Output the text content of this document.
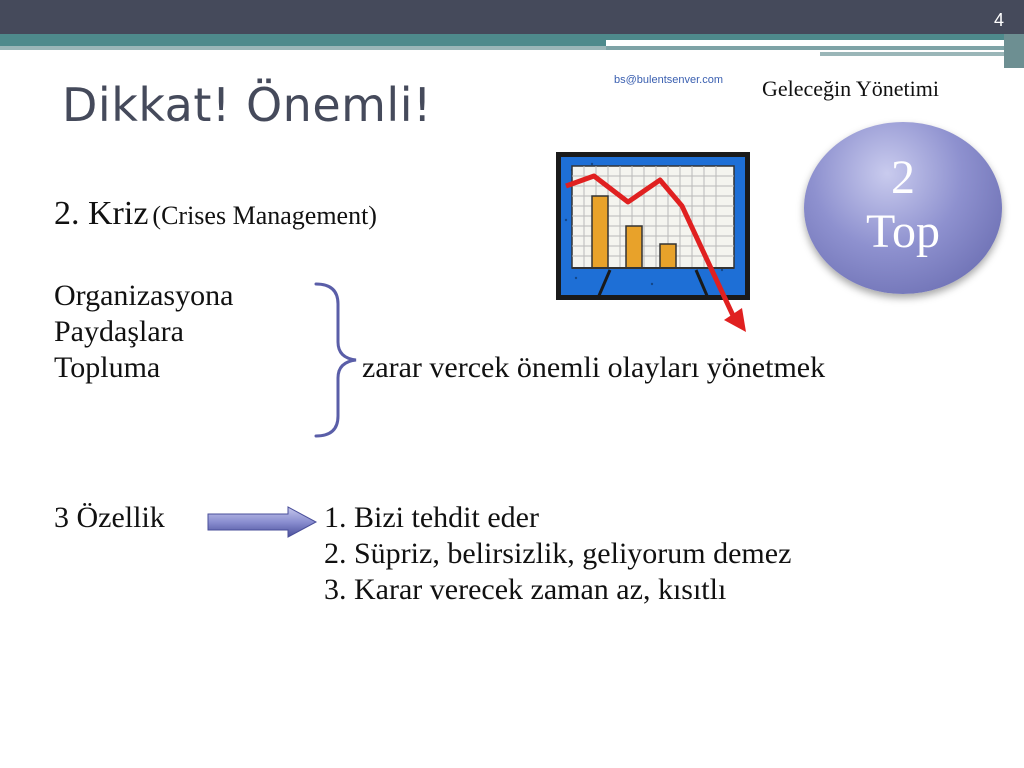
4
Dikkat! Önemli!	bs@bulentsenver.com Geleceğin Yönetimi
2
Top
2. Kriz (Crises Management)
Organizasyona
Paydaşlara
Topluma	zarar vercek önemli olayları yönetmek
3 Özellik	1. Bizi tehdit eder
2. Süpriz, belirsizlik, geliyorum demez
3. Karar verecek zaman az, kısıtlı
